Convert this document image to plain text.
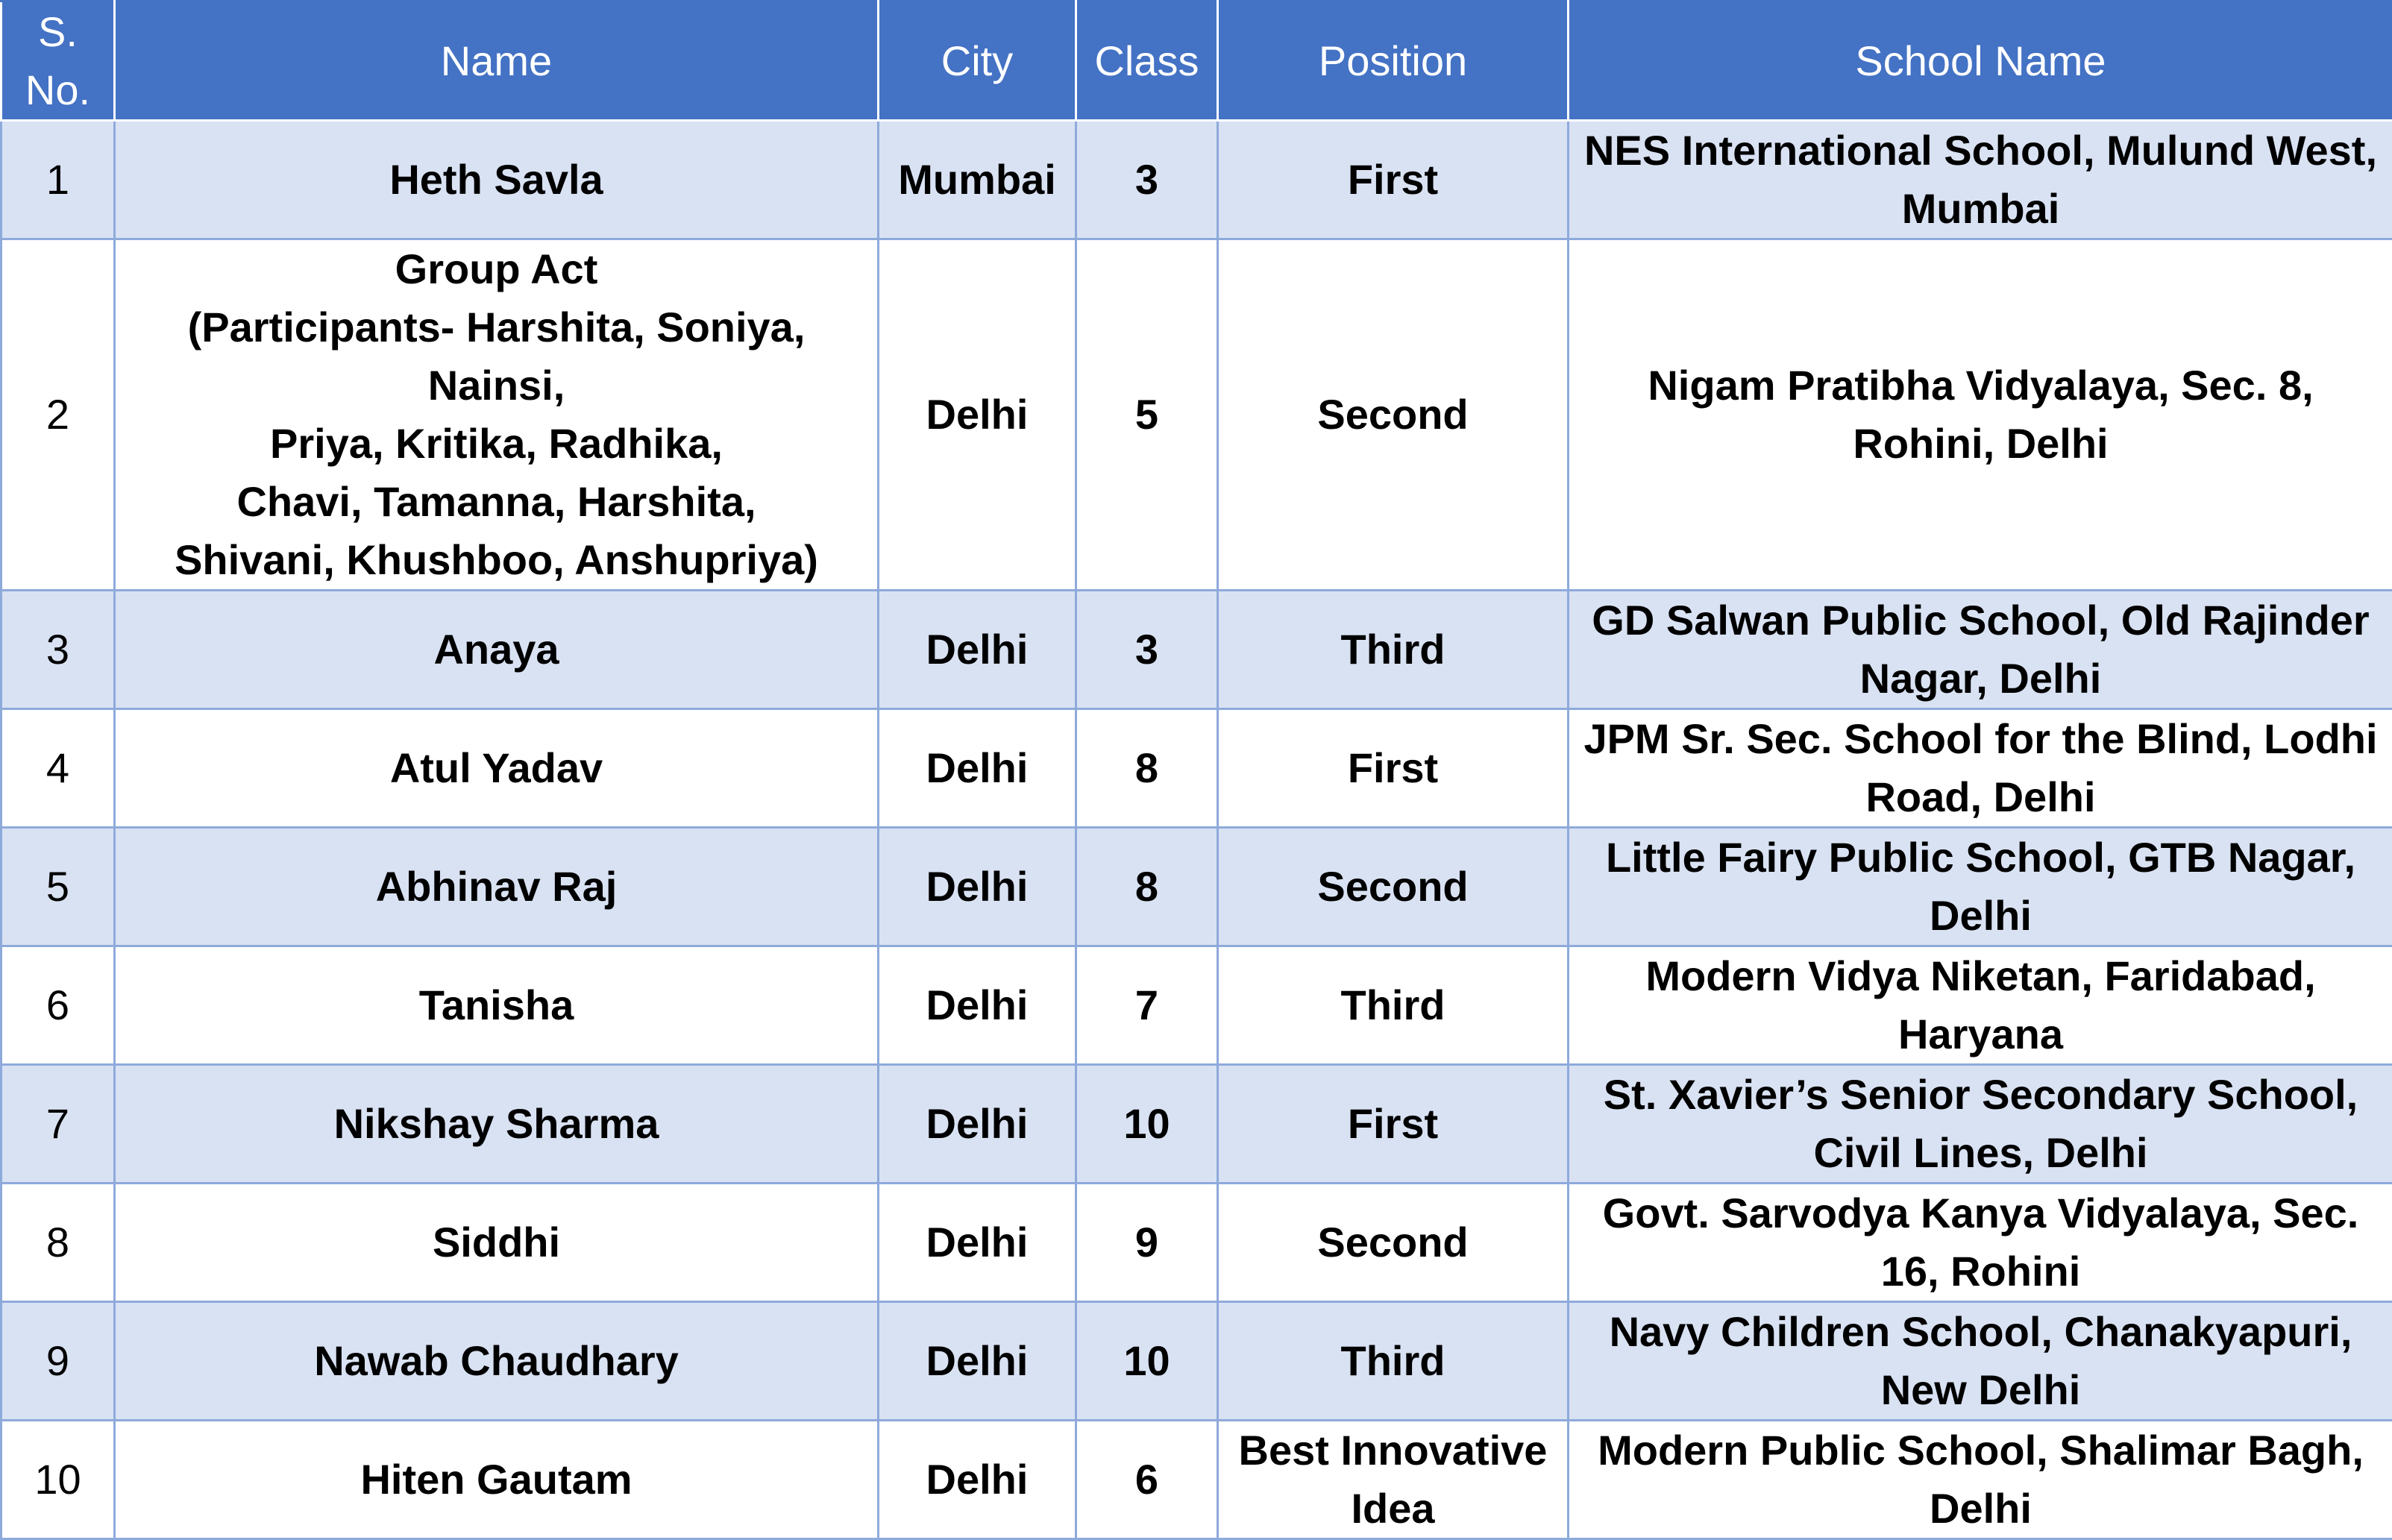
S. No.	Name	City	Class	Position	School Name
1	Heth Savla	Mumbai	3	First	NES International School, Mulund West, Mumbai
2	Group Act
(Participants- Harshita, Soniya, Nainsi,
Priya, Kritika, Radhika,
Chavi, Tamanna, Harshita,
Shivani, Khushboo, Anshupriya)	Delhi	5	Second	Nigam Pratibha Vidyalaya, Sec. 8, Rohini, Delhi
3	Anaya	Delhi	3	Third	GD Salwan Public School, Old Rajinder Nagar, Delhi
4	Atul Yadav	Delhi	8	First	JPM Sr. Sec. School for the Blind, Lodhi Road, Delhi
5	Abhinav Raj	Delhi	8	Second	Little Fairy Public School, GTB Nagar, Delhi
6	Tanisha	Delhi	7	Third	Modern Vidya Niketan, Faridabad, Haryana
7	Nikshay Sharma	Delhi	10	First	St. Xavier’s Senior Secondary School, Civil Lines, Delhi
8	Siddhi	Delhi	9	Second	Govt. Sarvodya Kanya Vidyalaya, Sec. 16, Rohini
9	Nawab Chaudhary	Delhi	10	Third	Navy Children School, Chanakyapuri, New Delhi
10	Hiten Gautam	Delhi	6	Best Innovative Idea	Modern Public School, Shalimar Bagh, Delhi
